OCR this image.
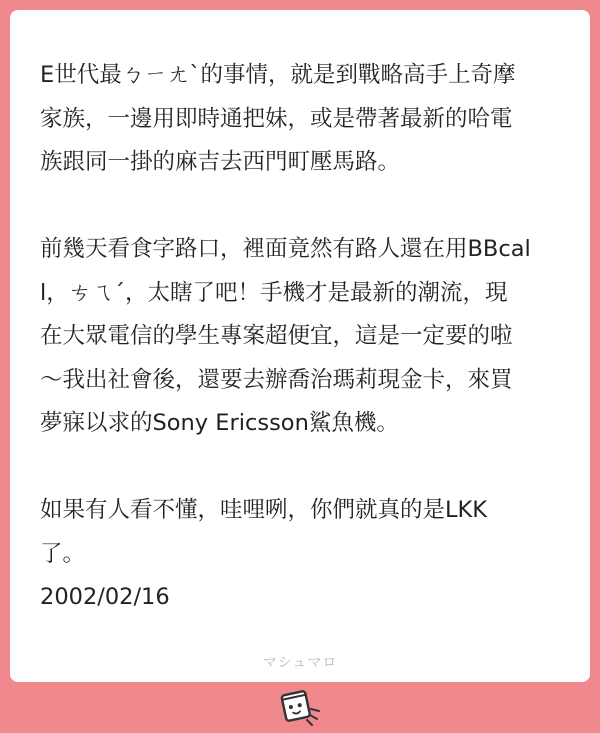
E世代最ㄅㄧㄤˋ的事情，就是到戰略高手上奇摩
家族，一邊用即時通把妹，或是帶著最新的哈電
族跟同一掛的麻吉去西門町壓馬路。
前幾天看食字路口，裡面竟然有路人還在用BBcal
l，ㄘㄟˊ，太瞎了吧！手機才是最新的潮流，現
在大眾電信的學生專案超便宜，這是一定要的啦
～我出社會後，還要去辦喬治瑪莉現金卡，來買
夢寐以求的Sony Ericsson鯊魚機。
如果有人看不懂，哇哩咧，你們就真的是LKK
了。
2002/02/16
マシュマロ
